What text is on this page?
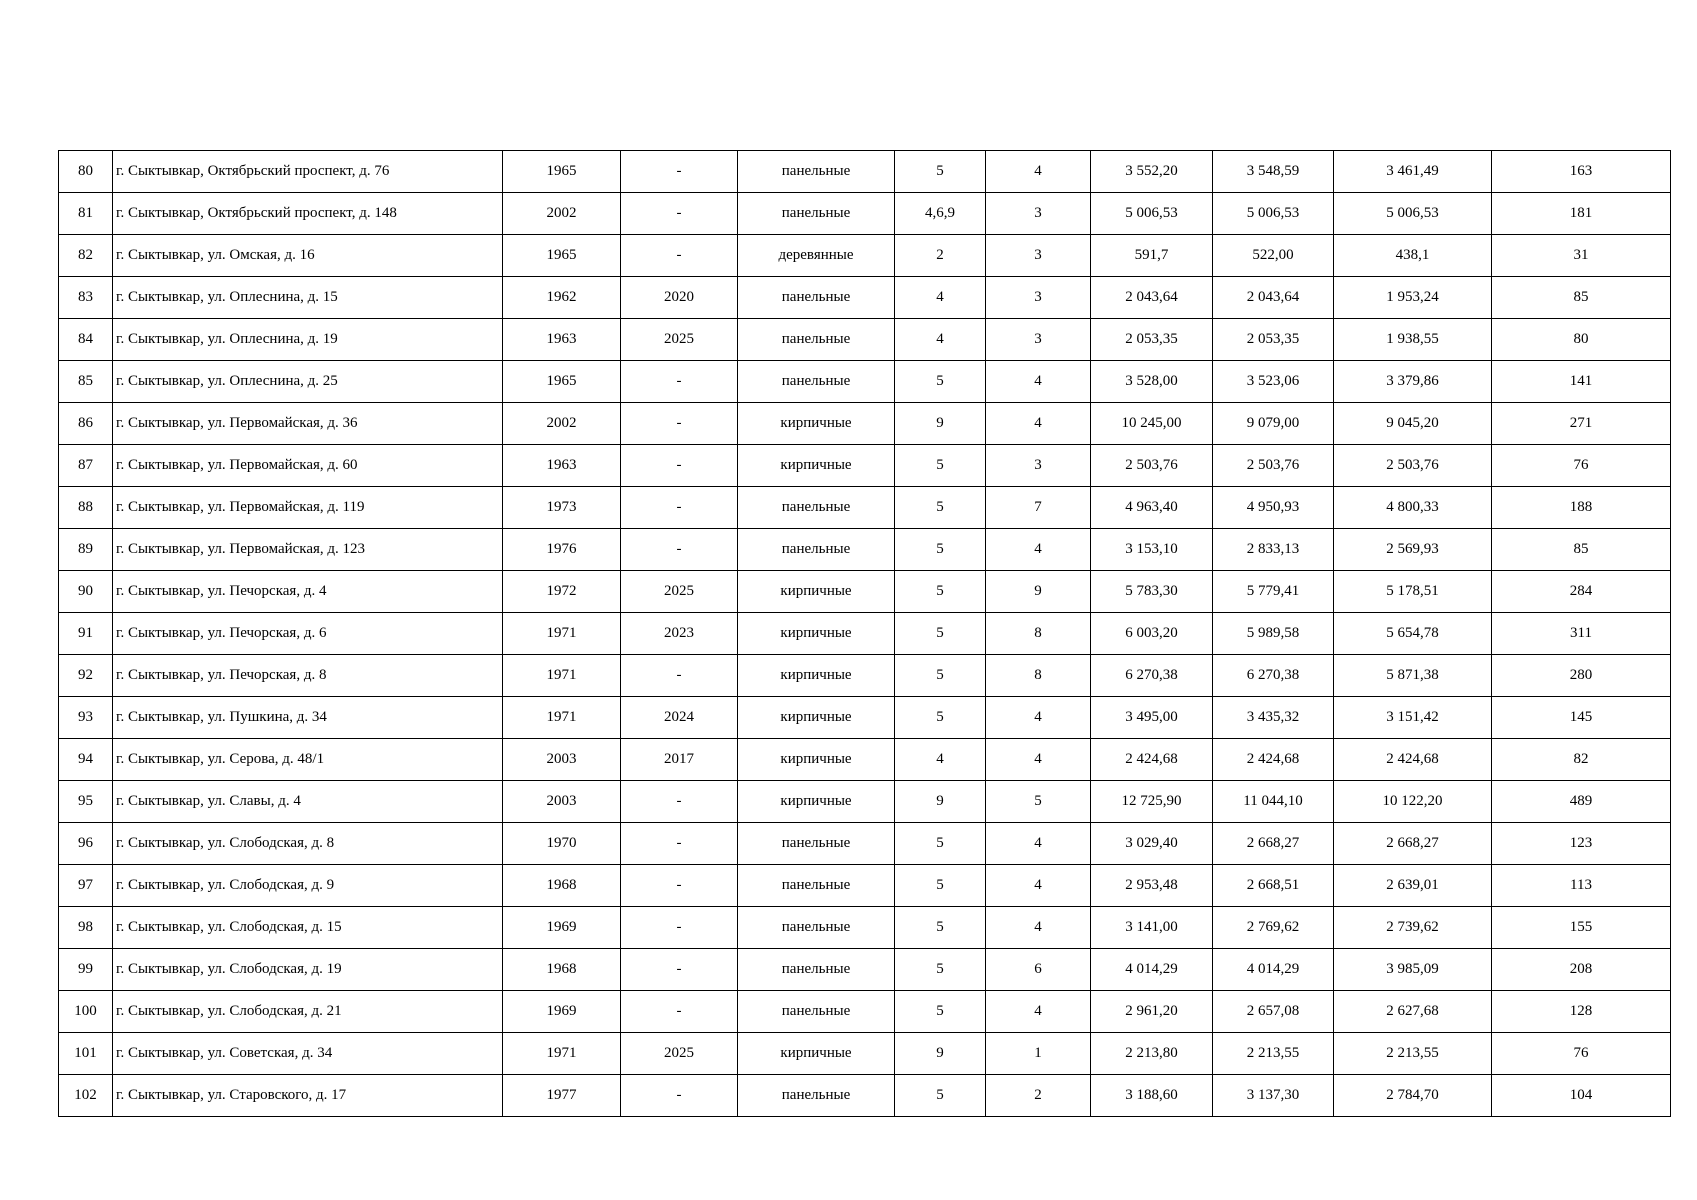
80	г. Сыктывкар, Октябрьский проспект, д. 76	1965	-	панельные	5	4	3 552,20	3 548,59	3 461,49	163
81	г. Сыктывкар, Октябрьский проспект, д. 148	2002	-	панельные	4,6,9	3	5 006,53	5 006,53	5 006,53	181
82	г. Сыктывкар, ул. Омская, д. 16	1965	-	деревянные	2	3	591,7	522,00	438,1	31
83	г. Сыктывкар, ул. Оплеснина, д. 15	1962	2020	панельные	4	3	2 043,64	2 043,64	1 953,24	85
84	г. Сыктывкар, ул. Оплеснина, д. 19	1963	2025	панельные	4	3	2 053,35	2 053,35	1 938,55	80
85	г. Сыктывкар, ул. Оплеснина, д. 25	1965	-	панельные	5	4	3 528,00	3 523,06	3 379,86	141
86	г. Сыктывкар, ул. Первомайская, д. 36	2002	-	кирпичные	9	4	10 245,00	9 079,00	9 045,20	271
87	г. Сыктывкар, ул. Первомайская, д. 60	1963	-	кирпичные	5	3	2 503,76	2 503,76	2 503,76	76
88	г. Сыктывкар, ул. Первомайская, д. 119	1973	-	панельные	5	7	4 963,40	4 950,93	4 800,33	188
89	г. Сыктывкар, ул. Первомайская, д. 123	1976	-	панельные	5	4	3 153,10	2 833,13	2 569,93	85
90	г. Сыктывкар, ул. Печорская, д. 4	1972	2025	кирпичные	5	9	5 783,30	5 779,41	5 178,51	284
91	г. Сыктывкар, ул. Печорская, д. 6	1971	2023	кирпичные	5	8	6 003,20	5 989,58	5 654,78	311
92	г. Сыктывкар, ул. Печорская, д. 8	1971	-	кирпичные	5	8	6 270,38	6 270,38	5 871,38	280
93	г. Сыктывкар, ул. Пушкина, д. 34	1971	2024	кирпичные	5	4	3 495,00	3 435,32	3 151,42	145
94	г. Сыктывкар, ул. Серова, д. 48/1	2003	2017	кирпичные	4	4	2 424,68	2 424,68	2 424,68	82
95	г. Сыктывкар, ул. Славы, д. 4	2003	-	кирпичные	9	5	12 725,90	11 044,10	10 122,20	489
96	г. Сыктывкар, ул. Слободская, д. 8	1970	-	панельные	5	4	3 029,40	2 668,27	2 668,27	123
97	г. Сыктывкар, ул. Слободская, д. 9	1968	-	панельные	5	4	2 953,48	2 668,51	2 639,01	113
98	г. Сыктывкар, ул. Слободская, д. 15	1969	-	панельные	5	4	3 141,00	2 769,62	2 739,62	155
99	г. Сыктывкар, ул. Слободская, д. 19	1968	-	панельные	5	6	4 014,29	4 014,29	3 985,09	208
100	г. Сыктывкар, ул. Слободская, д. 21	1969	-	панельные	5	4	2 961,20	2 657,08	2 627,68	128
101	г. Сыктывкар, ул. Советская, д. 34	1971	2025	кирпичные	9	1	2 213,80	2 213,55	2 213,55	76
102	г. Сыктывкар, ул. Старовского, д. 17	1977	-	панельные	5	2	3 188,60	3 137,30	2 784,70	104
